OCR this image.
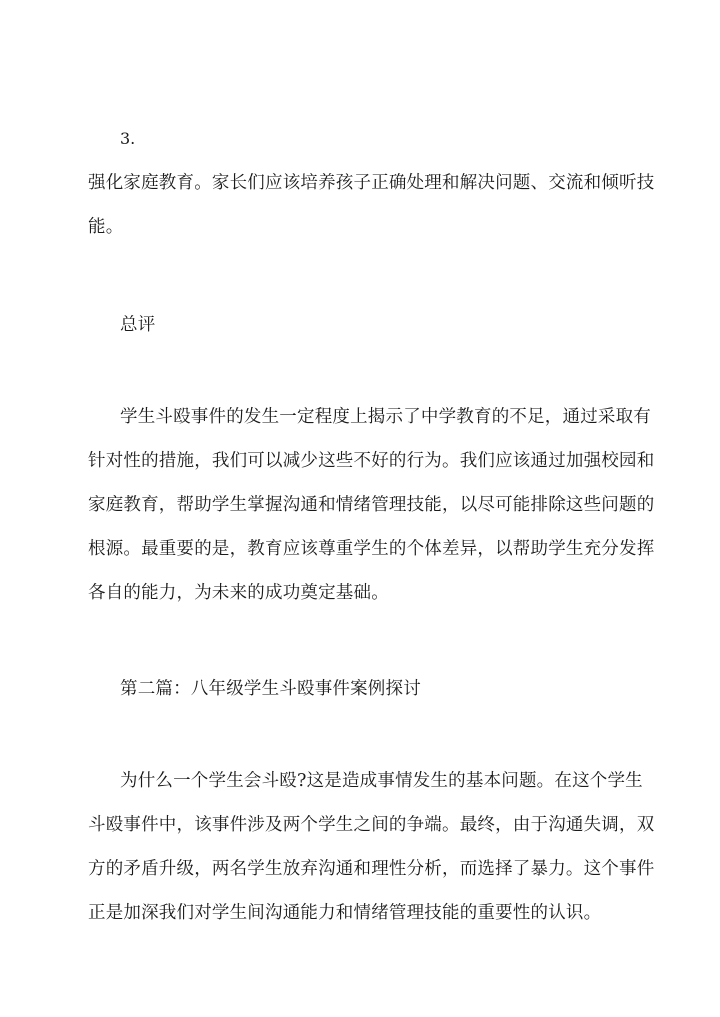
3.
强化家庭教育。家长们应该培养孩子正确处理和解决问题、交流和倾听技
能。
总评
学生斗殴事件的发生一定程度上揭示了中学教育的不足，通过采取有
针对性的措施，我们可以减少这些不好的行为。我们应该通过加强校园和
家庭教育，帮助学生掌握沟通和情绪管理技能，以尽可能排除这些问题的
根源。最重要的是，教育应该尊重学生的个体差异，以帮助学生充分发挥
各自的能力，为未来的成功奠定基础。
第二篇：八年级学生斗殴事件案例探讨
为什么一个学生会斗殴?这是造成事情发生的基本问题。在这个学生
斗殴事件中，该事件涉及两个学生之间的争端。最终，由于沟通失调，双
方的矛盾升级，两名学生放弃沟通和理性分析，而选择了暴力。这个事件
正是加深我们对学生间沟通能力和情绪管理技能的重要性的认识。
